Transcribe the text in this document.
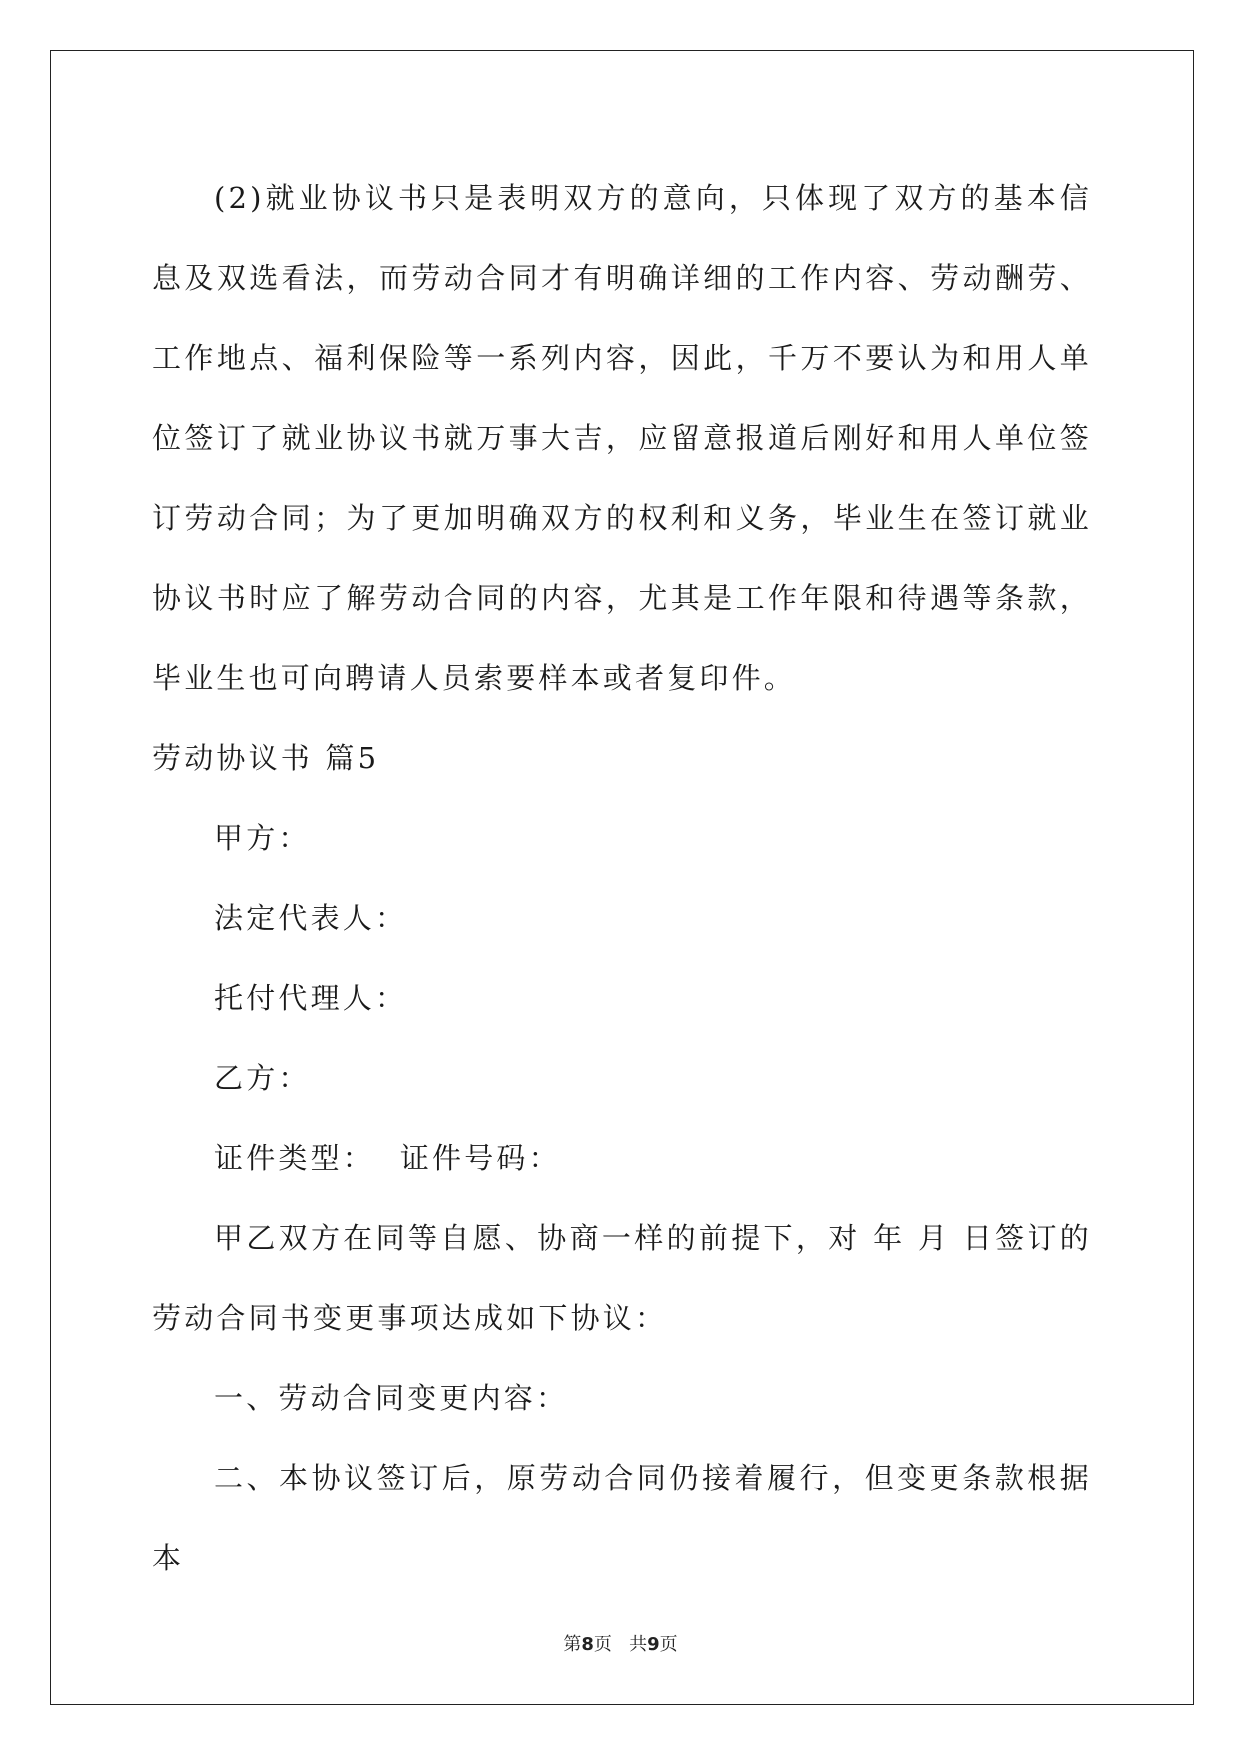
(2)就业协议书只是表明双方的意向，只体现了双方的基本信息及双选看法，而劳动合同才有明确详细的工作内容、劳动酬劳、工作地点、福利保险等一系列内容，因此，千万不要认为和用人单位签订了就业协议书就万事大吉，应留意报道后刚好和用人单位签订劳动合同；为了更加明确双方的权利和义务，毕业生在签订就业协议书时应了解劳动合同的内容，尤其是工作年限和待遇等条款，毕业生也可向聘请人员索要样本或者复印件。

劳动协议书 篇5

甲方：

法定代表人：

托付代理人：

乙方：

证件类型：  证件号码：

甲乙双方在同等自愿、协商一样的前提下，对 年 月 日签订的劳动合同书变更事项达成如下协议：

一、劳动合同变更内容：

二、本协议签订后，原劳动合同仍接着履行，但变更条款根据本

第8页   共9页
